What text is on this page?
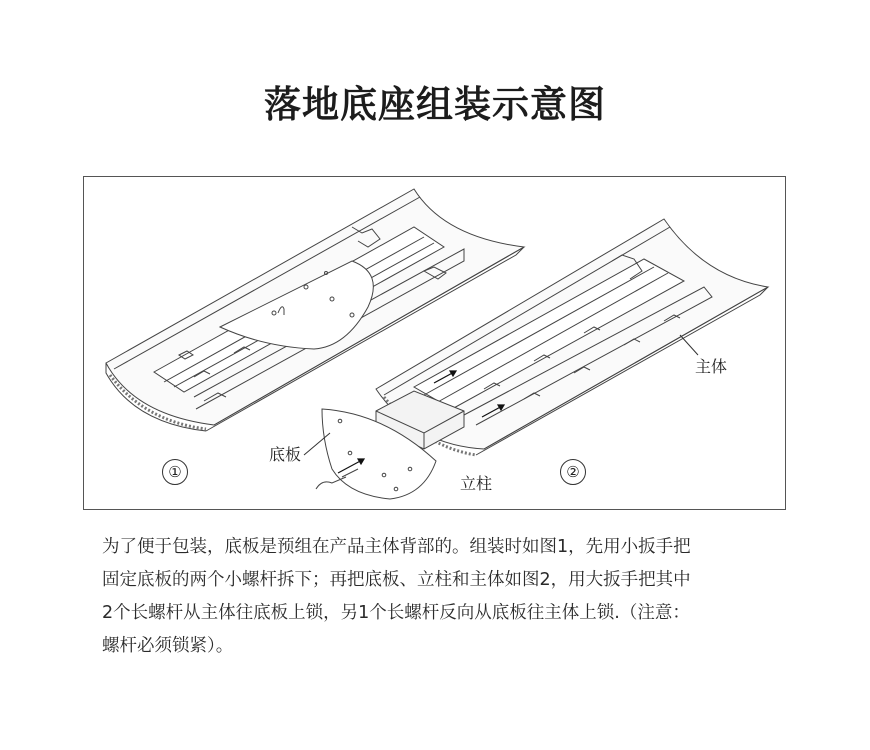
落地底座组装示意图
底板
立柱
主体
①	②

为了便于包装，底板是预组在产品主体背部的。组装时如图1，先用小扳手把

固定底板的两个小螺杆拆下；再把底板、立柱和主体如图2，用大扳手把其中

2个长螺杆从主体往底板上锁，另1个长螺杆反向从底板往主体上锁.（注意：

螺杆必须锁紧）。
